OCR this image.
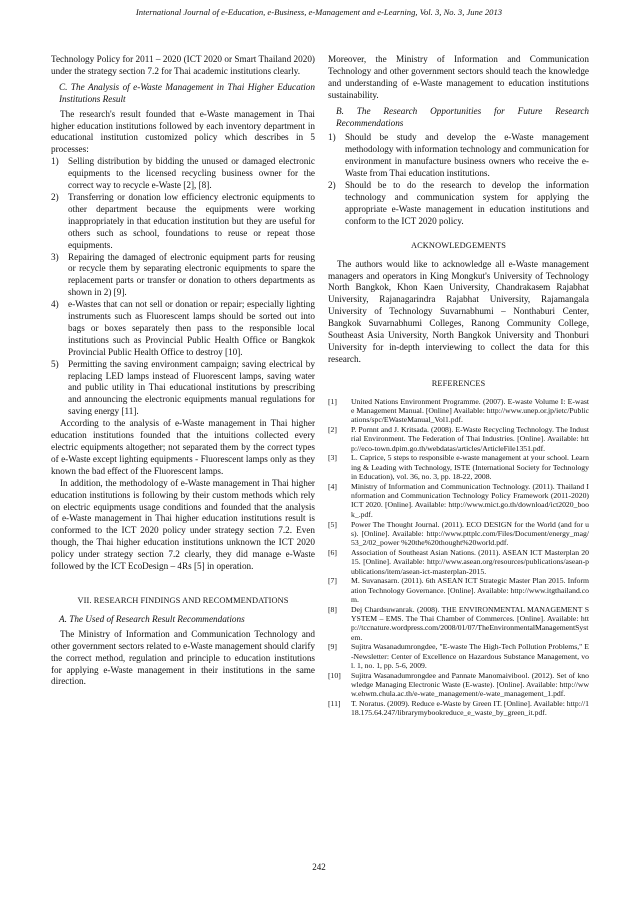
International Journal of e-Education, e-Business, e-Management and e-Learning, Vol. 3, No. 3, June 2013

Technology Policy for 2011 – 2020 (ICT 2020 or Smart Thailand 2020) under the strategy section 7.2 for Thai academic institutions clearly.

C. The Analysis of e-Waste Management in Thai Higher Education Institutions Result

The research's result founded that e-Waste management in Thai higher education institutions followed by each inventory department in educational institution customized policy which describes in 5 processes:

1) Selling distribution by bidding the unused or damaged electronic equipments to the licensed recycling business owner for the correct way to recycle e-Waste [2], [8].
2) Transferring or donation low efficiency electronic equipments to other department because the equipments were working inappropriately in that education institution but they are useful for others such as school, foundations to reuse or repeat those equipments.
3) Repairing the damaged of electronic equipment parts for reusing or recycle them by separating electronic equipments to spare the replacement parts or transfer or donation to others departments as shown in 2) [9].
4) e-Wastes that can not sell or donation or repair; especially lighting instruments such as Fluorescent lamps should be sorted out into bags or boxes separately then pass to the responsible local institutions such as Provincial Public Health Office or Bangkok Provincial Public Health Office to destroy [10].
5) Permitting the saving environment campaign; saving electrical by replacing LED lamps instead of Fluorescent lamps, saving water and public utility in Thai educational institutions by prescribing and announcing the electronic equipments manual regulations for saving energy [11].

According to the analysis of e-Waste management in Thai higher education institutions founded that the intuitions collected every electric equipments altogether; not separated them by the correct types of e-Waste except lighting equipments - Fluorescent lamps only as they known the bad effect of the Fluorescent lamps.

In addition, the methodology of e-Waste management in Thai higher education institutions is following by their custom methods which rely on electric equipments usage conditions and founded that the analysis of e-Waste management in Thai higher education institutions result is conformed to the ICT 2020 policy under strategy section 7.2. Even though, the Thai higher education institutions unknown the ICT 2020 policy under strategy section 7.2 clearly, they did manage e-Waste followed by the ICT EcoDesign – 4Rs [5] in operation.

VII. RESEARCH FINDINGS AND RECOMMENDATIONS

A. The Used of Research Result Recommendations

The Ministry of Information and Communication Technology and other government sectors related to e-Waste management should clarify the correct method, regulation and principle to education institutions for applying e-Waste management in their institutions in the same direction.

Moreover, the Ministry of Information and Communication Technology and other government sectors should teach the knowledge and understanding of e-Waste management to education institutions sustainability.

B. The Research Opportunities for Future Research Recommendations

1) Should be study and develop the e-Waste management methodology with information technology and communication for environment in manufacture business owners who receive the e-Waste from Thai education institutions.
2) Should be to do the research to develop the information technology and communication system for applying the appropriate e-Waste management in education institutions and conform to the ICT 2020 policy.

ACKNOWLEDGEMENTS

The authors would like to acknowledge all e-Waste management managers and operators in King Mongkut's University of Technology North Bangkok, Khon Kaen University, Chandrakasem Rajabhat University, Rajanagarindra Rajabhat University, Rajamangala University of Technology Suvarnabhumi – Nonthaburi Center, Bangkok Suvarnabhumi Colleges, Ranong Community College, Southeast Asia University, North Bangkok University and Thonburi University for in-depth interviewing to collect the data for this research.

REFERENCES

[1] United Nations Environment Programme. (2007). E-waste Volume I: E-waste Management Manual. [Online] Available: http://www.unep.or.jp/ietc/Publications/spc/EWasteManual_Vol1.pdf.
[2] P. Pornnt and J. Kritsada. (2008). E-Waste Recycling Technology. The Industrial Environment. The Federation of Thai Industries. [Online]. Available: http://eco-town.dpim.go.th/webdatas/articles/ArticleFile1351.pdf.
[3] L. Caprice, 5 steps to responsible e-waste management at your school. Learning & Leading with Technology, ISTE (International Society for Technology in Education), vol. 36, no. 3, pp. 18-22, 2008.
[4] Ministry of Information and Communication Technology. (2011). Thailand Information and Communication Technology Policy Framework (2011-2020) ICT 2020. [Online]. Available: http://www.mict.go.th/download/ict2020_book_.pdf.
[5] Power The Thought Journal. (2011). ECO DESIGN for the World (and for us). [Online]. Available: http://www.pttplc.com/Files/Document/energy_mag/53_2/02_power %20the%20thought%20world.pdf.
[6] Association of Southeast Asian Nations. (2011). ASEAN ICT Masterplan 2015. [Online]. Available: http://www.asean.org/resources/publications/asean-publications/item/asean-ict-masterplan-2015.
[7] M. Suvanasarn. (2011). 6th ASEAN ICT Strategic Master Plan 2015. Information Technology Governance. [Online]. Available: http://www.itgthailand.com.
[8] Dej Chardsuwanrak. (2008). THE ENVIRONMENTAL MANAGEMENT SYSTEM – EMS. The Thai Chamber of Commerces. [Online]. Available: http://tccnature.wordpress.com/2008/01/07/TheEnvironmentalManagementSystem.
[9] Sujitra Wasanadumrongdee, "E-waste The High-Tech Pollution Problems," E-Newsletter: Center of Excellence on Hazardous Substance Management, vol. 1, no. 1, pp. 5-6, 2009.
[10] Sujitra Wasanadumrongdee and Pannate Manomaivibool. (2012). Set of knowledge Managing Electronic Waste (E-waste). [Online]. Available: http://www.ehwm.chula.ac.th/e-wate_management/e-wate_management_1.pdf.
[11] T. Noratus. (2009). Reduce e-Waste by Green IT. [Online]. Available: http://118.175.64.247/librarymybookreduce_e_waste_by_green_it.pdf.
242
